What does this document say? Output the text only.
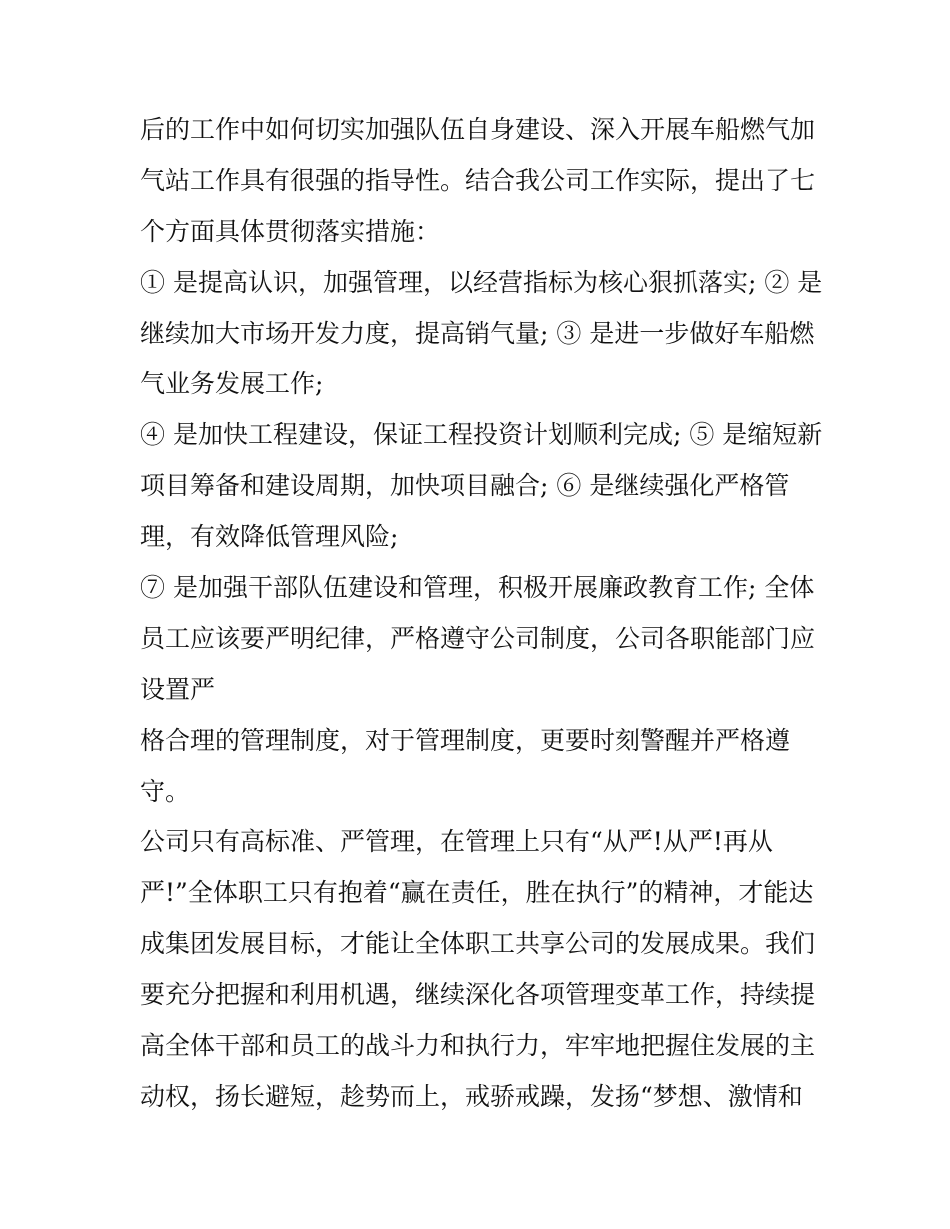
后的工作中如何切实加强队伍自身建设、深入开展车船燃气加
气站工作具有很强的指导性。结合我公司工作实际，提出了七
个方面具体贯彻落实措施：
① 是提高认识，加强管理，以经营指标为核心狠抓落实; ② 是
继续加大市场开发力度，提高销气量; ③ 是进一步做好车船燃
气业务发展工作;
④ 是加快工程建设，保证工程投资计划顺利完成; ⑤ 是缩短新
项目筹备和建设周期，加快项目融合; ⑥ 是继续强化严格管
理，有效降低管理风险;
⑦ 是加强干部队伍建设和管理，积极开展廉政教育工作; 全体
员工应该要严明纪律，严格遵守公司制度，公司各职能部门应
设置严
格合理的管理制度，对于管理制度，更要时刻警醒并严格遵
守。
公司只有高标准、严管理，在管理上只有“从严!从严!再从
严!”全体职工只有抱着“赢在责任，胜在执行”的精神，才能达
成集团发展目标，才能让全体职工共享公司的发展成果。我们
要充分把握和利用机遇，继续深化各项管理变革工作，持续提
高全体干部和员工的战斗力和执行力，牢牢地把握住发展的主
动权，扬长避短，趁势而上，戒骄戒躁，发扬“梦想、激情和
